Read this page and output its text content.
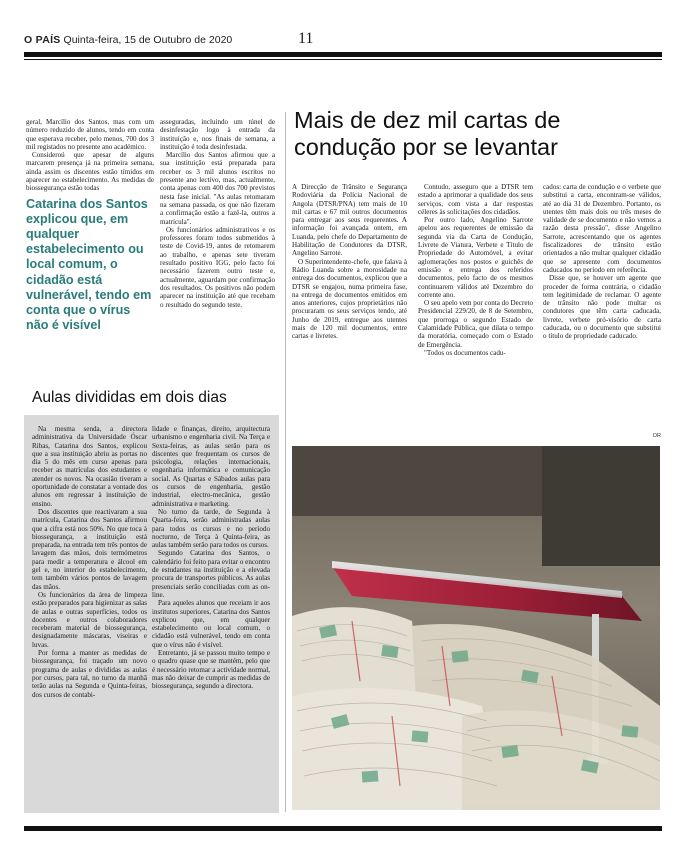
O PAÍS Quinta-feira, 15 de Outubro de 2020	11

geral, Marcílio dos Santos, mas com um número reduzido de alunos, tendo em conta que esperava receber, pelo menos, 700 dos 3 mil registados no presente ano académico.

Consideroú que apesar de alguns marcarem presença já na primeira semana, ainda assim os discentes estão tímidos em aparecer no estabelecimento. As medidas de biossegurança estão todas

Catarina dos Santos explicou que, em qualquer estabelecimento ou local comum, o cidadão está vulnerável, tendo em conta que o vírus não é visível

asseguradas, incluindo um túnel de desinfestação logo à entrada da instituição e, nos finais de semana, a instituição é toda desinfestada.

Marcílio dos Santos afirmou que a sua instituição está preparada para receber os 3 mil alunos escritos no presente ano lectivo, mas, actualmente, conta apenas com 400 dos 700 previstos nesta fase inicial. "As aulas retomaram na semana passada, os que não fizeram a confirmação estão a fazê-la, outros a matrícula".

Os funcionários administrativos e os professores foram todos submetidos à teste de Covid-19, antes de retomarem ao trabalho, e apenas sete tiveram resultado positivo IGG, pelo facto foi necessário fazerem outro teste e, actualmente, aguardam por confirmação dos resultados. Os positivos não podem aparecer na instituição até que recebam o resultado do segundo teste.

Aulas divididas em dois dias

Na mesma senda, a directora administrativa da Universidade Óscar Ribas, Catarina dos Santos, explicou que a sua instituição abriu as portas no dia 5 do mês em curso apenas para receber as matrículas dos estudantes e atender os novos. Na ocasião tiveram a oportunidade de constatar a vontade dos alunos em regressar à instituição de ensino.

Dos discentes que reactivaram a sua matrícula, Catarina dos Santos afirmou que a cifra está nos 50%. No que toca à biossegurança, a instituição está preparada, na entrada tem três pontos de lavagem das mãos, dois termómetros para medir a temperatura e álcool em gel e, no interior do estabelecimento, tem também vários pontos de lavagem das mãos.

Os funcionários da área de limpeza estão preparados para higienizar as salas de aulas e outras superfícies, todos os docentes e outros colaboradores receberam material de biossegurança, designadamente máscaras, viseiras e luvas.

Por forma a manter as medidas de biossegurança, foi traçado um novo programa de aulas e divididas as aulas por cursos, para tal, no turno da manhã terão aulas na Segunda e Quinta-feiras, dos cursos de contabi-

lidade e finanças, direito, arquitectura urbanismo e engenharia civil. Na Terça e Sexta-feiras, as aulas serão para os discentes que frequentam os cursos de psicologia, relações internacionais, engenharia informática e comunicação social. As Quartas e Sábados aulas para os cursos de engenharia, gestão industrial, electro-mecânica, gestão administrativa e marketing.

No turno da tarde, de Segunda à Quarta-feira, serão administradas aulas para todos os cursos e no período nocturno, de Terça à Quinta-feira, as aulas também serão para todos os cursos.

Segundo Catarina dos Santos, o calendário foi feito para evitar o encontro de estudantes na instituição e a elevada procura de transportes públicos. As aulas presenciais serão conciliadas com as on-line.

Para aqueles alunos que receiam ir aos institutos superiores, Catarina dos Santos explicou que, em qualquer estabelecimento ou local comum, o cidadão está vulnerável, tendo em conta que o vírus não é visível.

Entretanto, já se passou muito tempo e o quadro quase que se mantém, pelo que é necessário retomar a actividade normal, mas não deixar de cumprir as medidas de biossegurança, segundo a directora.

Mais de dez mil cartas de
condução por se levantar

A Direcção de Trânsito e Segurança Rodoviária da Polícia Nacional de Angola (DTSR/PNA) tem mais de 10 mil cartas e 67 mil outros documentos para entregar aos seus requerentes. A informação foi avançada ontem, em Luanda, pelo chefe do Departamento de Habilitação de Condutores da DTSR, Angelino Sarrote.

O Superintendente-chefe, que falava à Rádio Luanda sobre a morosidade na entrega dos documentos, explicou que a DTSR se engajou, numa primeira fase, na entrega de documentos emitidos em anos anteriores, cujos proprietários não procuraram os seus serviços tendo, até Junho de 2019, entregue aos utentes mais de 120 mil documentos, entre cartas e livretes.

Contudo, asseguro que a DTSR tem estado a aprimorar a qualidade dos seus serviços, com vista a dar respostas céleres às solicitações dos cidadãos.

Por outro lado, Angelino Sarrote apelou aos requerentes de emissão da segunda via da Carta de Condução, Livrete de Viatura, Verbete e Título de Propriedade do Automóvel, a evitar aglomerações nos postos e guichês de emissão e entrega dos referidos documentos, pelo facto de os mesmos continuarem válidos até Dezembro do corrente ano.

O seu apelo vem por conta do Decreto Presidencial 229/20, de 8 de Setembro, que prorroga o segundo Estado de Calamidade Pública, que dilata o tempo da moratória, começado com o Estado de Emergência.

"Todos os documentos cadu-

cados: carta de condução e o verbete que substitui a carta, encontram-se válidos, até ao dia 31 de Dezembro. Portanto, os utentes têm mais dois ou três meses de validade de se documento e não vemos a razão desta pressão", disse Angelino Sarrote, acrescentando que os agentes fiscalizadores de trânsito estão orientados a não multar qualquer cidadão que se apresente com documentos caducados no período em referência.

Disse que, se houver um agente que proceder de forma contrária, o cidadão tem legitimidade de reclamar. O agente de trânsito não pode multar os condutores que têm carta caducada, livrete, verbete pró-visório de carta caducada, ou o documento que substitui o título de propriedade caducado.

DR
